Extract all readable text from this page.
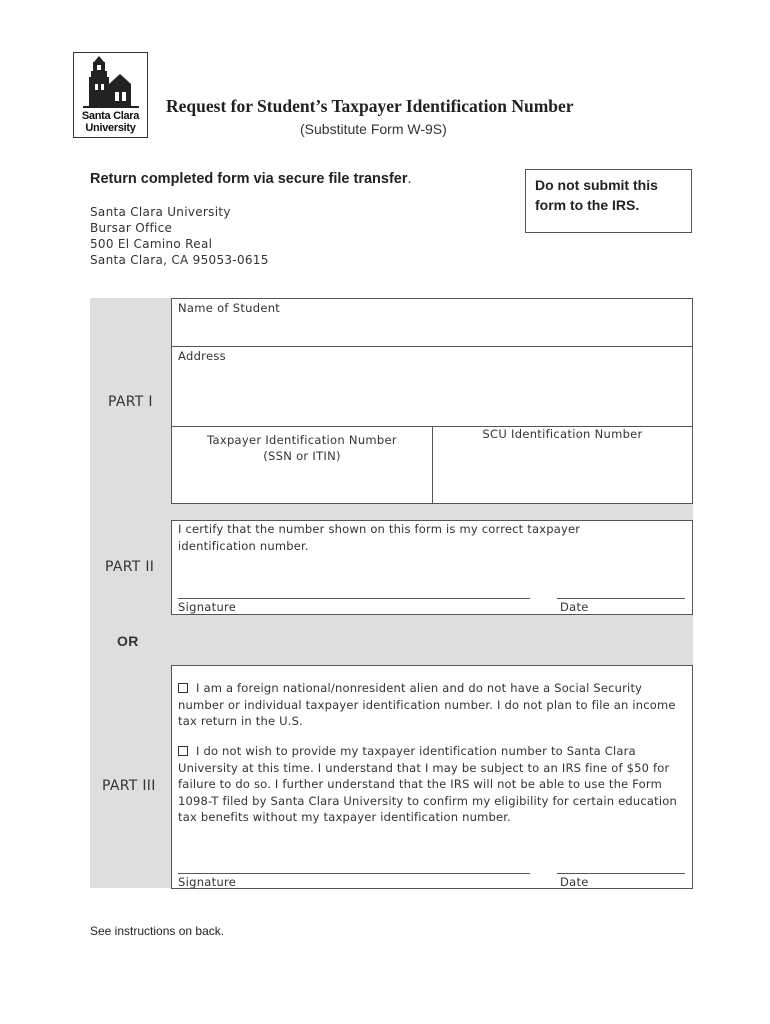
Santa Clara
University
Request for Student’s Taxpayer Identification Number
(Substitute Form W-9S)
Return completed form via secure file transfer.
Santa Clara University
Bursar Office
500 El Camino Real
Santa Clara, CA 95053-0615
Do not submit this
form to the IRS.
PART I
PART II
OR
PART III
Name of Student
Address
Taxpayer Identification Number
(SSN or ITIN)
SCU Identification Number
I certify that the number shown on this form is my correct taxpayer identification number.
Signature	Date
I am a foreign national/nonresident alien and do not have a Social Security number or individual taxpayer identification number. I do not plan to file an income tax return in the U.S.
I do not wish to provide my taxpayer identification number to Santa Clara University at this time. I understand that I may be subject to an IRS fine of $50 for failure to do so. I further understand that the IRS will not be able to use the Form 1098-T filed by Santa Clara University to confirm my eligibility for certain education tax benefits without my taxpayer identification number.
Signature	Date
See instructions on back.
